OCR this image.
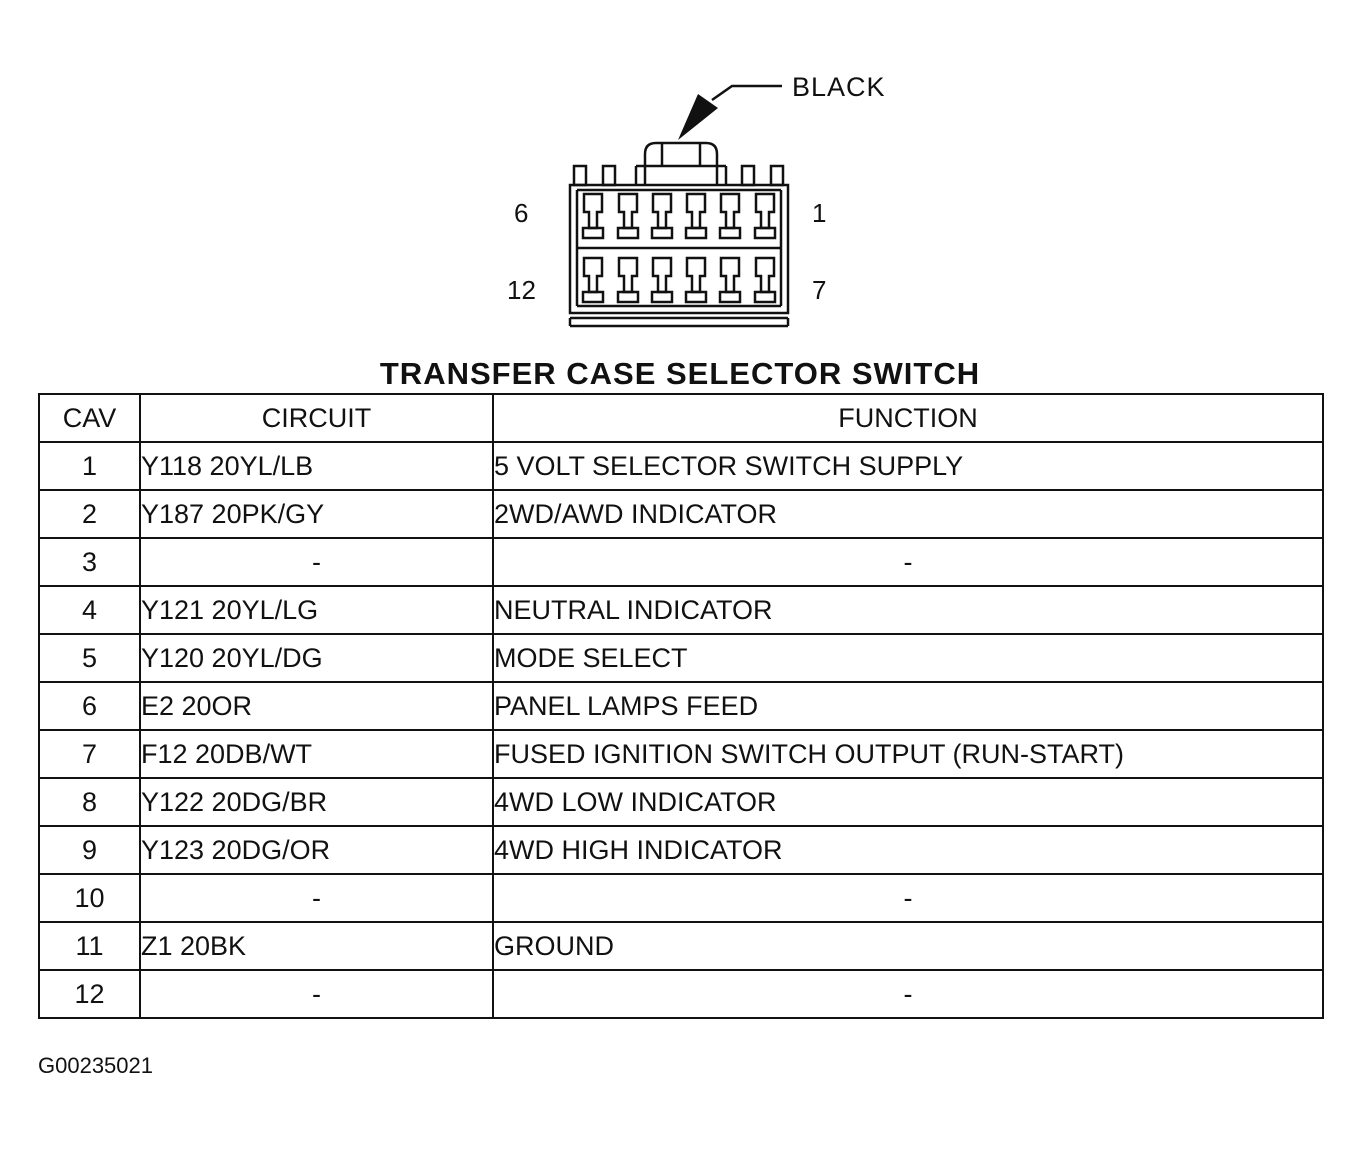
BLACK
6	1
12	7
TRANSFER CASE SELECTOR SWITCH
CAV	CIRCUIT	FUNCTION
1	Y118 20YL/LB	5 VOLT SELECTOR SWITCH SUPPLY
2	Y187 20PK/GY	2WD/AWD INDICATOR
3	-	-
4	Y121 20YL/LG	NEUTRAL INDICATOR
5	Y120 20YL/DG	MODE SELECT
6	E2 20OR	PANEL LAMPS FEED
7	F12 20DB/WT	FUSED IGNITION SWITCH OUTPUT (RUN-START)
8	Y122 20DG/BR	4WD LOW INDICATOR
9	Y123 20DG/OR	4WD HIGH INDICATOR
10	-	-
11	Z1 20BK	GROUND
12	-	-
G00235021
